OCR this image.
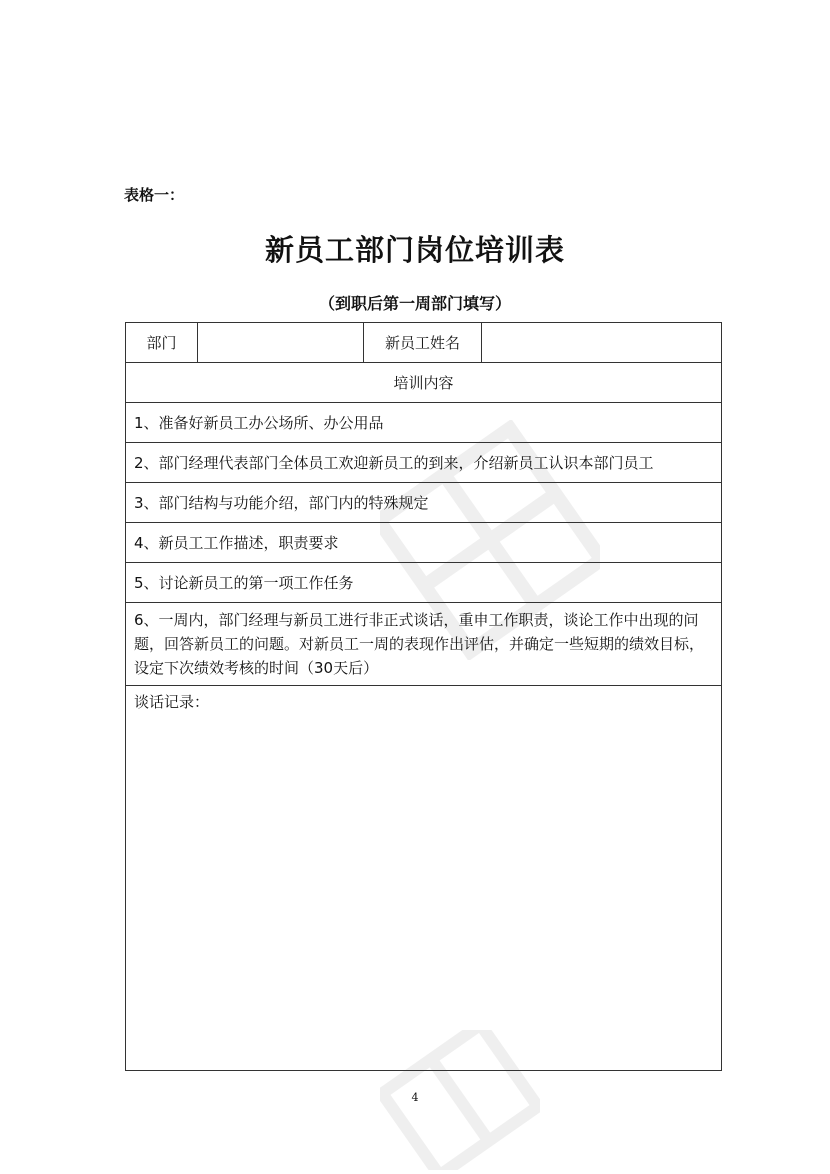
表格一：
新员工部门岗位培训表
（到职后第一周部门填写）
部门		新员工姓名	
培训内容
1、准备好新员工办公场所、办公用品
2、部门经理代表部门全体员工欢迎新员工的到来，介绍新员工认识本部门员工
3、部门结构与功能介绍，部门内的特殊规定
4、新员工工作描述，职责要求
5、讨论新员工的第一项工作任务
6、一周内，部门经理与新员工进行非正式谈话，重申工作职责，谈论工作中出现的问题，回答新员工的问题。对新员工一周的表现作出评估，并确定一些短期的绩效目标，设定下次绩效考核的时间（30天后）
谈话记录：
4
